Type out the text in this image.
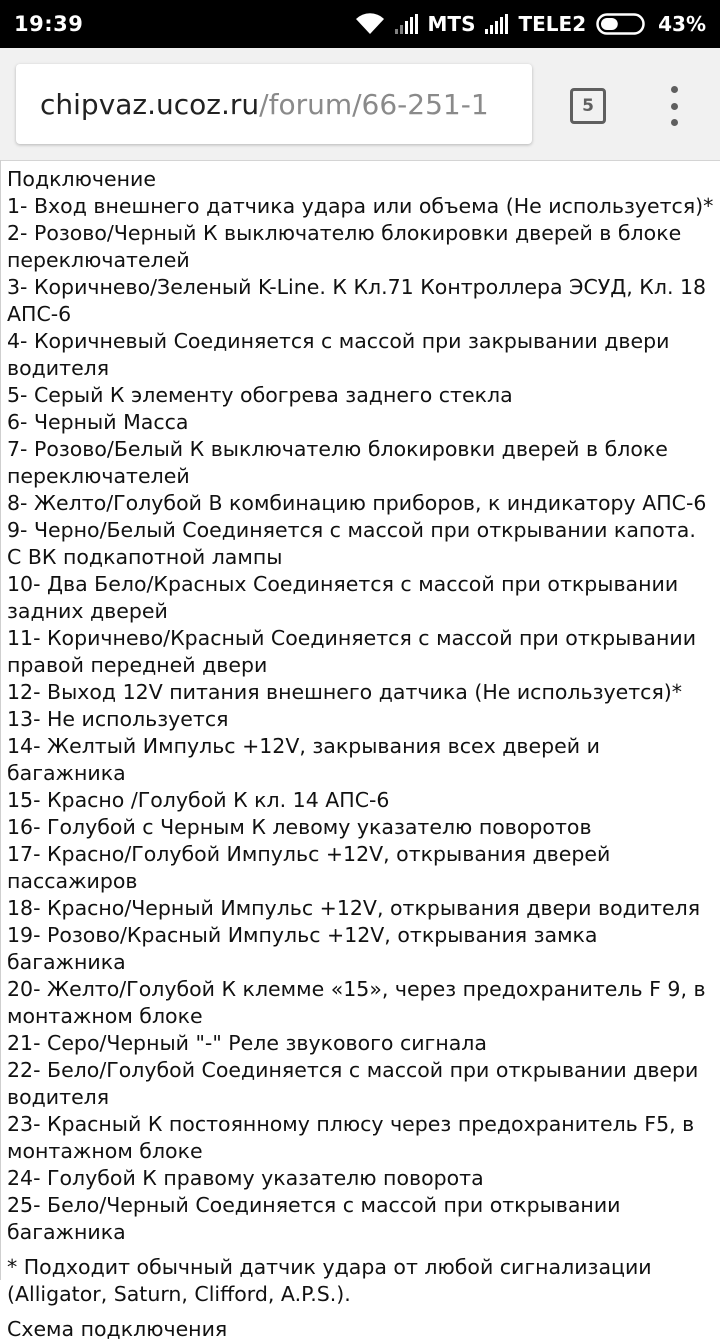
19:39	MTS TELE2	43%
chipvaz.ucoz.ru /forum/66-251-1	5
Подключение
1- Вход внешнего датчика удара или объема (Не используется)*
2- Розово/Черный К выключателю блокировки дверей в блоке переключателей
3- Коричнево/Зеленый K-Line. К Кл.71 Контроллера ЭСУД, Кл. 18 АПС-6
4- Коричневый Соединяется с массой при закрывании двери водителя
5- Серый К элементу обогрева заднего стекла
6- Черный Масса
7- Розово/Белый К выключателю блокировки дверей в блоке переключателей
8- Желто/Голубой В комбинацию приборов, к индикатору АПС-6
9- Черно/Белый Соединяется с массой при открывании капота. С ВК подкапотной лампы
10- Два Бело/Красных Соединяется с массой при открывании задних дверей
11- Коричнево/Красный Соединяется с массой при открывании правой передней двери
12- Выход 12V питания внешнего датчика (Не используется)*
13- Не используется
14- Желтый Импульс +12V, закрывания всех дверей и багажника
15- Красно /Голубой К кл. 14 АПС-6
16- Голубой с Черным К левому указателю поворотов
17- Красно/Голубой Импульс +12V, открывания дверей пассажиров
18- Красно/Черный Импульс +12V, открывания двери водителя
19- Розово/Красный Импульс +12V, открывания замка багажника
20- Желто/Голубой К клемме «15», через предохранитель F 9, в монтажном блоке
21- Серо/Черный "-" Реле звукового сигнала
22- Бело/Голубой Соединяется с массой при открывании двери водителя
23- Красный К постоянному плюсу через предохранитель F5, в монтажном блоке
24- Голубой К правому указателю поворота
25- Бело/Черный Соединяется с массой при открывании багажника
* Подходит обычный датчик удара от любой сигнализации (Alligator, Saturn, Clifford, A.P.S.).
Схема подключения
